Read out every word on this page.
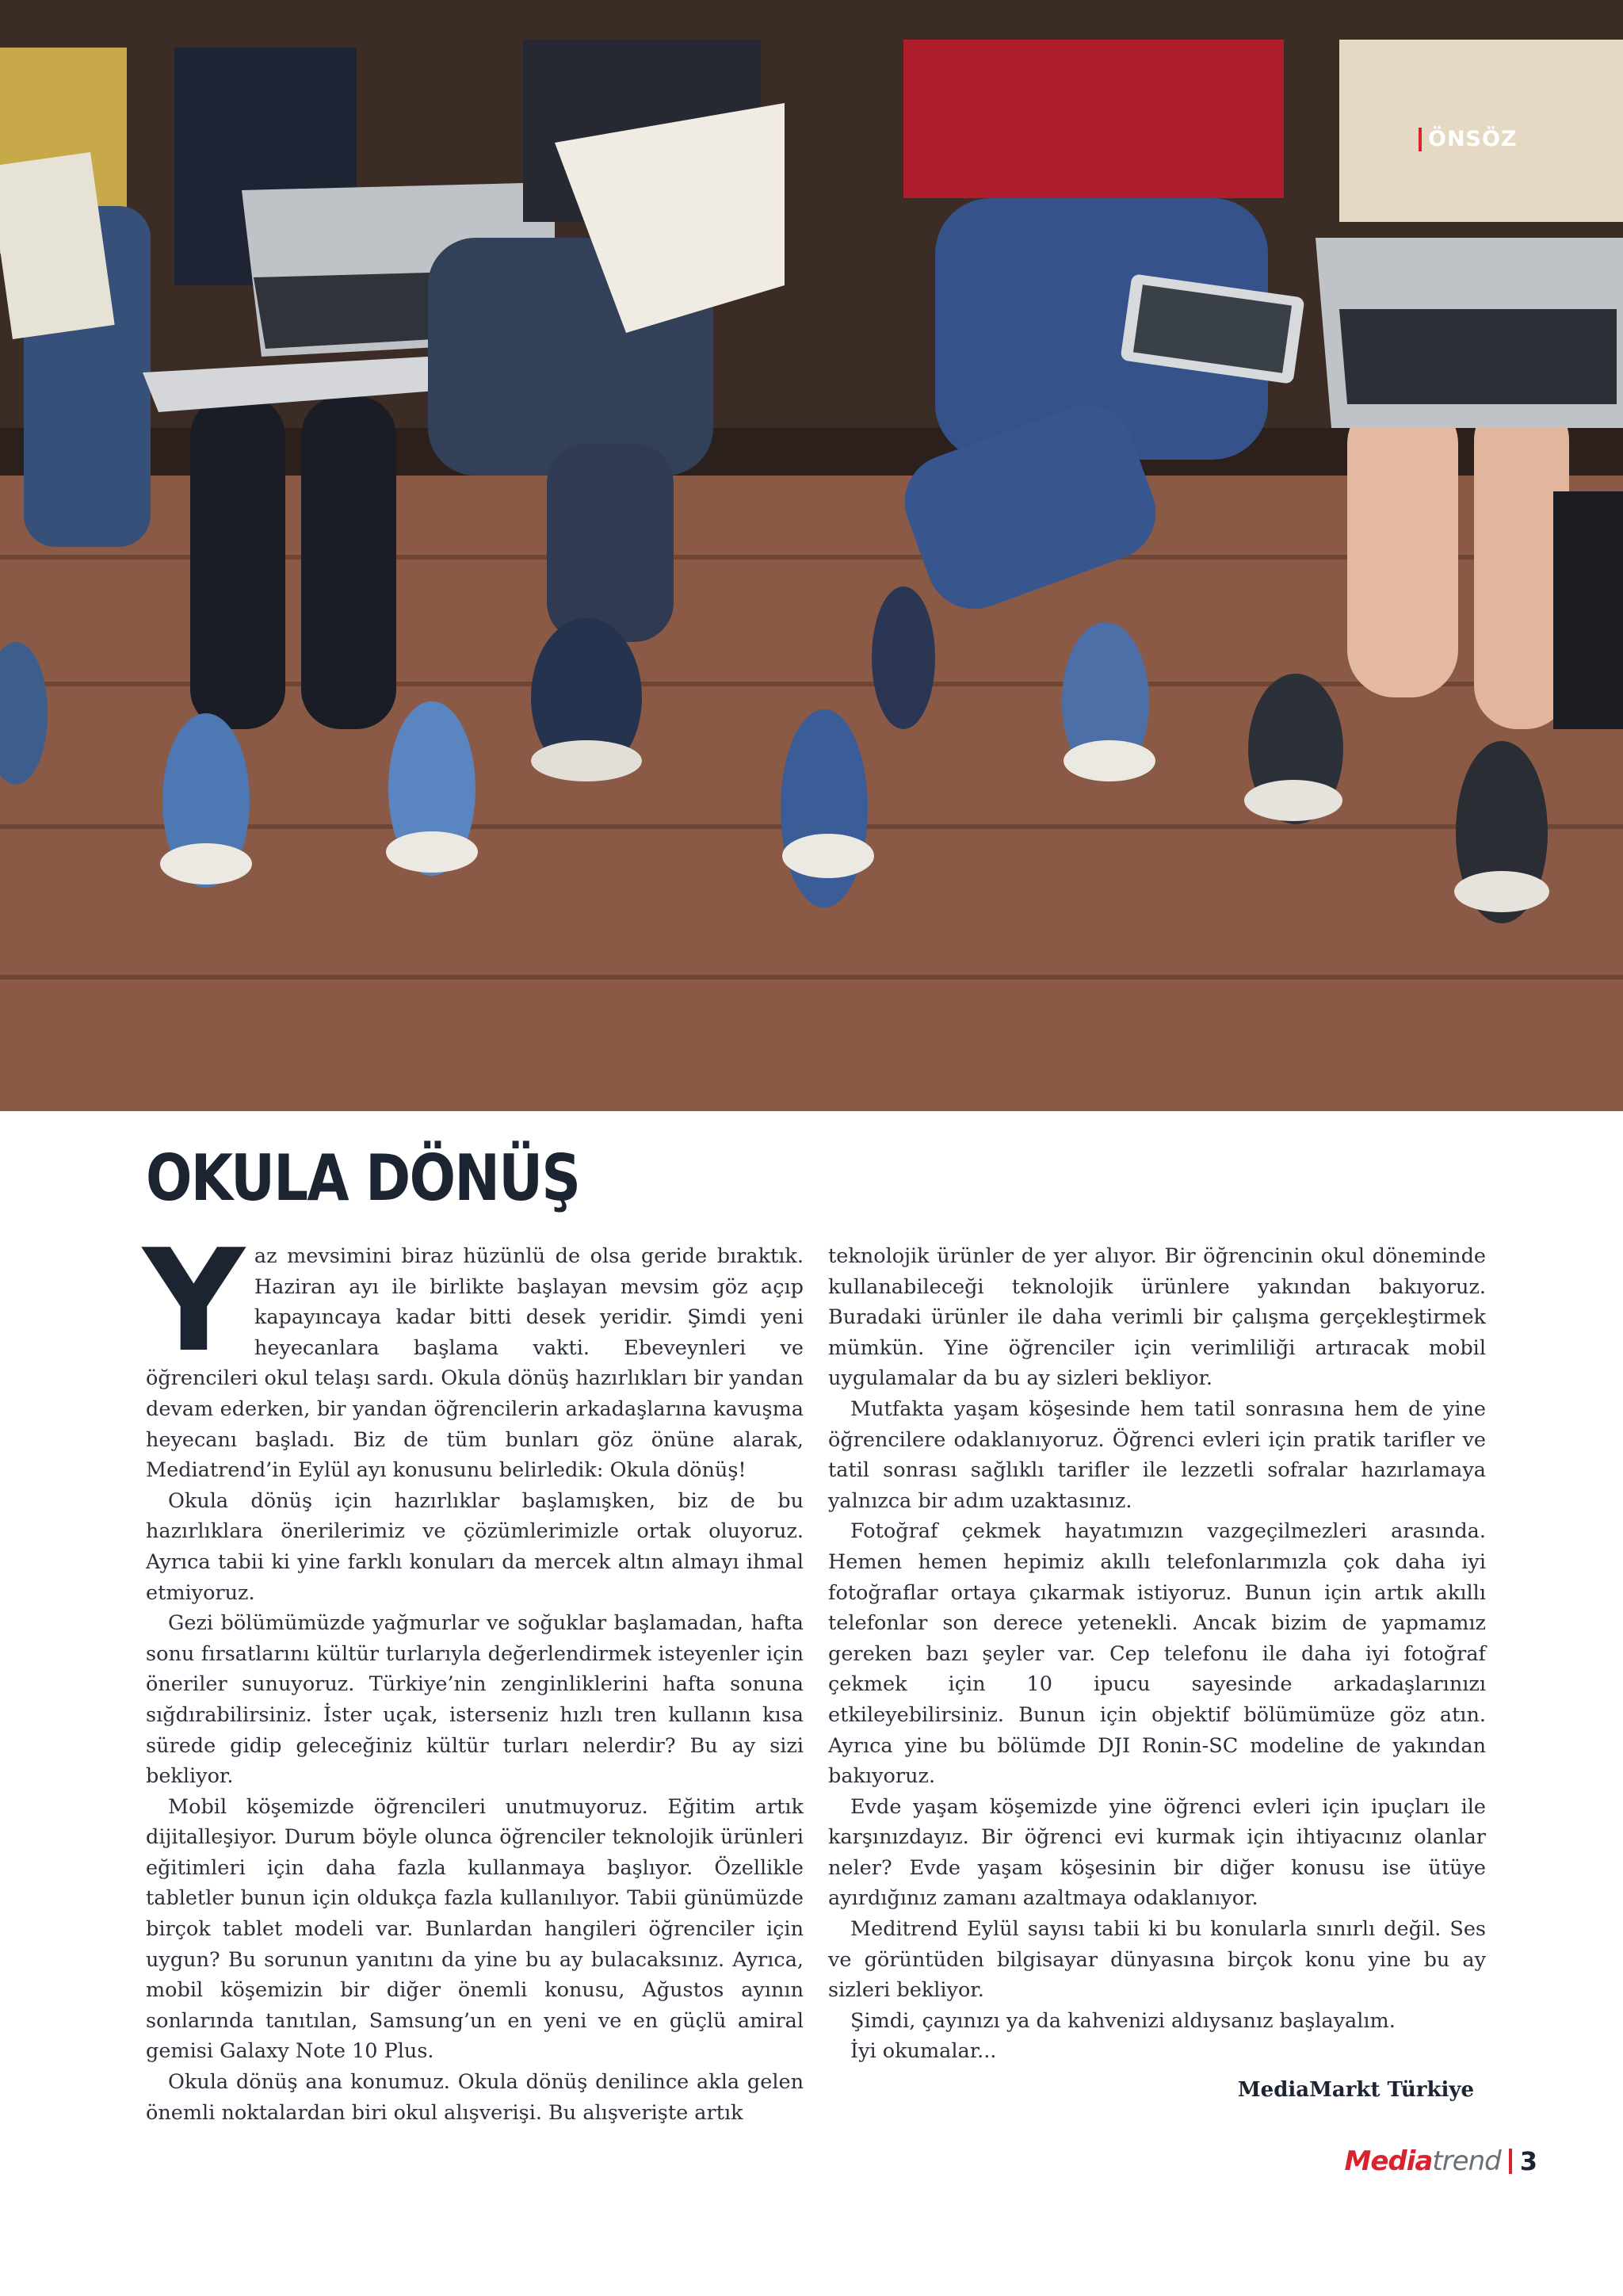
ÖNSÖZ
OKULA DÖNÜŞ

Yaz mevsimini biraz hüzünlü de olsa geride bıraktık. Haziran ayı ile birlikte başlayan mevsim göz açıp kapayıncaya kadar bitti desek yeridir. Şimdi yeni heyecanlara başlama vakti. Ebeveynleri ve öğrencileri okul telaşı sardı. Okula dönüş hazırlıkları bir yandan devam ederken, bir yandan öğrencilerin arkadaşlarına kavuşma heyecanı başladı. Biz de tüm bunları göz önüne alarak, Mediatrend’in Eylül ayı konusunu belirledik: Okula dönüş!

Okula dönüş için hazırlıklar başlamışken, biz de bu hazırlıklara önerilerimiz ve çözümlerimizle ortak oluyoruz. Ayrıca tabii ki yine farklı konuları da mercek altın almayı ihmal etmiyoruz.

Gezi bölümümüzde yağmurlar ve soğuklar başlamadan, hafta sonu fırsatlarını kültür turlarıyla değerlendirmek isteyenler için öneriler sunuyoruz. Türkiye’nin zenginliklerini hafta sonuna sığdırabilirsiniz. İster uçak, isterseniz hızlı tren kullanın kısa sürede gidip geleceğiniz kültür turları nelerdir? Bu ay sizi bekliyor.

Mobil köşemizde öğrencileri unutmuyoruz. Eğitim artık dijitalleşiyor. Durum böyle olunca öğrenciler teknolojik ürünleri eğitimleri için daha fazla kullanmaya başlıyor. Özellikle tabletler bunun için oldukça fazla kullanılıyor. Tabii günümüzde birçok tablet modeli var. Bunlardan hangileri öğrenciler için uygun? Bu sorunun yanıtını da yine bu ay bulacaksınız. Ayrıca, mobil köşemizin bir diğer önemli konusu, Ağustos ayının sonlarında tanıtılan, Samsung’un en yeni ve en güçlü amiral gemisi Galaxy Note 10 Plus.

Okula dönüş ana konumuz. Okula dönüş denilince akla gelen önemli noktalardan biri okul alışverişi. Bu alışverişte artık

teknolojik ürünler de yer alıyor. Bir öğrencinin okul döneminde kullanabileceği teknolojik ürünlere yakından bakıyoruz. Buradaki ürünler ile daha verimli bir çalışma gerçekleştirmek mümkün. Yine öğrenciler için verimliliği artıracak mobil uygulamalar da bu ay sizleri bekliyor.

Mutfakta yaşam köşesinde hem tatil sonrasına hem de yine öğrencilere odaklanıyoruz. Öğrenci evleri için pratik tarifler ve tatil sonrası sağlıklı tarifler ile lezzetli sofralar hazırlamaya yalnızca bir adım uzaktasınız.

Fotoğraf çekmek hayatımızın vazgeçilmezleri arasında. Hemen hemen hepimiz akıllı telefonlarımızla çok daha iyi fotoğraflar ortaya çıkarmak istiyoruz. Bunun için artık akıllı telefonlar son derece yetenekli. Ancak bizim de yapmamız gereken bazı şeyler var. Cep telefonu ile daha iyi fotoğraf çekmek için 10 ipucu sayesinde arkadaşlarınızı etkileyebilirsiniz. Bunun için objektif bölümümüze göz atın. Ayrıca yine bu bölümde DJI Ronin-SC modeline de yakından bakıyoruz.

Evde yaşam köşemizde yine öğrenci evleri için ipuçları ile karşınızdayız. Bir öğrenci evi kurmak için ihtiyacınız olanlar neler? Evde yaşam köşesinin bir diğer konusu ise ütüye ayırdığınız zamanı azaltmaya odaklanıyor.

Meditrend Eylül sayısı tabii ki bu konularla sınırlı değil. Ses ve görüntüden bilgisayar dünyasına birçok konu yine bu ay sizleri bekliyor.

Şimdi, çayınızı ya da kahvenizi aldıysanız başlayalım.

İyi okumalar...

MediaMarkt Türkiye
Mediatrend 3
